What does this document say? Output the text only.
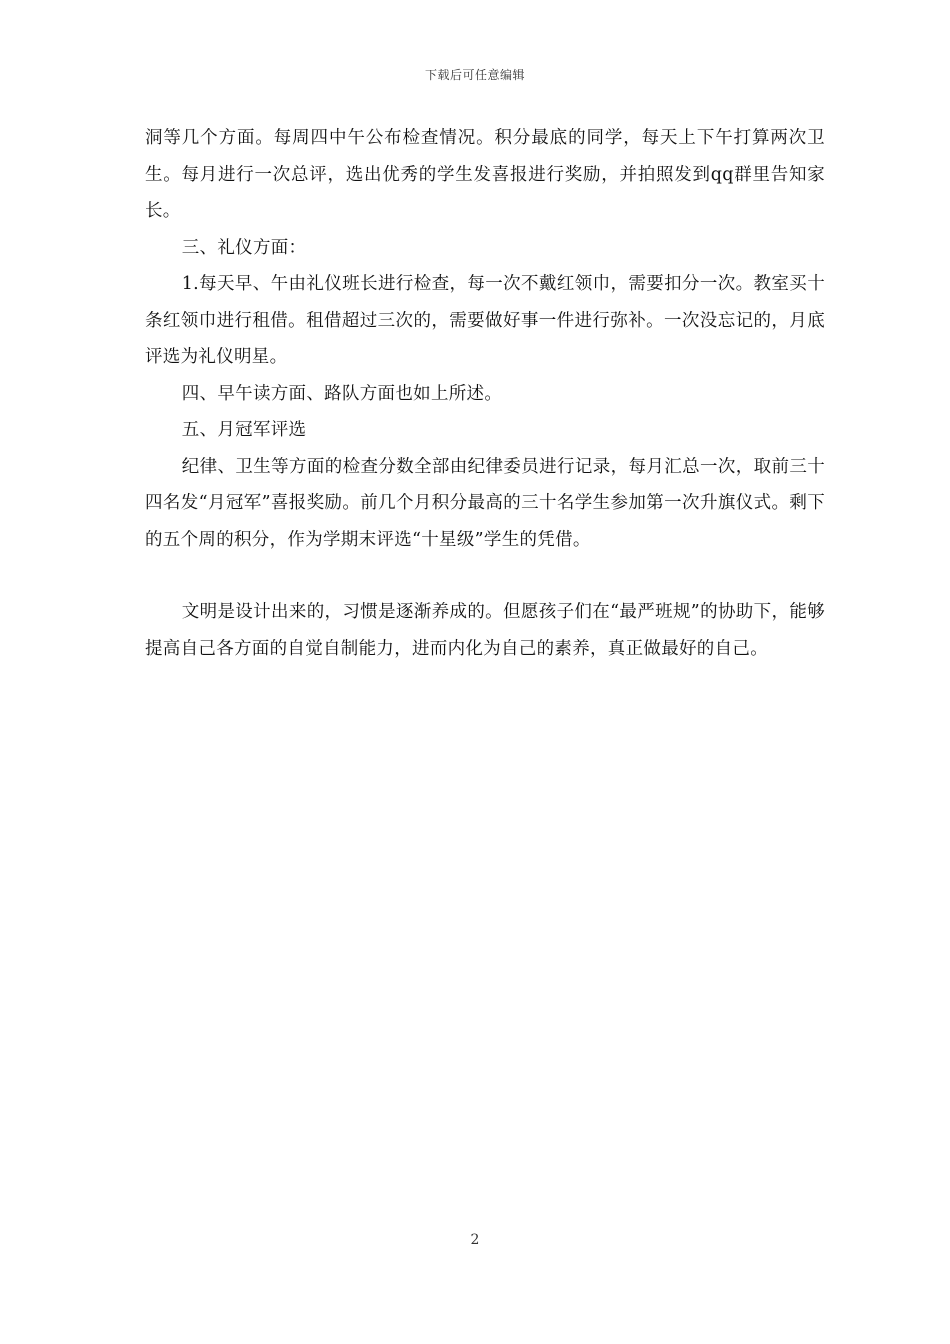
下载后可任意编辑

洞等几个方面。每周四中午公布检查情况。积分最底的同学，每天上下午打算两次卫生。每月进行一次总评，选出优秀的学生发喜报进行奖励，并拍照发到qq群里告知家长。

三、礼仪方面：

1.每天早、午由礼仪班长进行检查，每一次不戴红领巾，需要扣分一次。教室买十条红领巾进行租借。租借超过三次的，需要做好事一件进行弥补。一次没忘记的，月底评选为礼仪明星。

四、早午读方面、路队方面也如上所述。

五、月冠军评选

纪律、卫生等方面的检查分数全部由纪律委员进行记录，每月汇总一次，取前三十四名发“月冠军”喜报奖励。前几个月积分最高的三十名学生参加第一次升旗仪式。剩下的五个周的积分，作为学期末评选“十星级”学生的凭借。

文明是设计出来的，习惯是逐渐养成的。但愿孩子们在“最严班规”的协助下，能够提高自己各方面的自觉自制能力，进而内化为自己的素养，真正做最好的自己。

2
